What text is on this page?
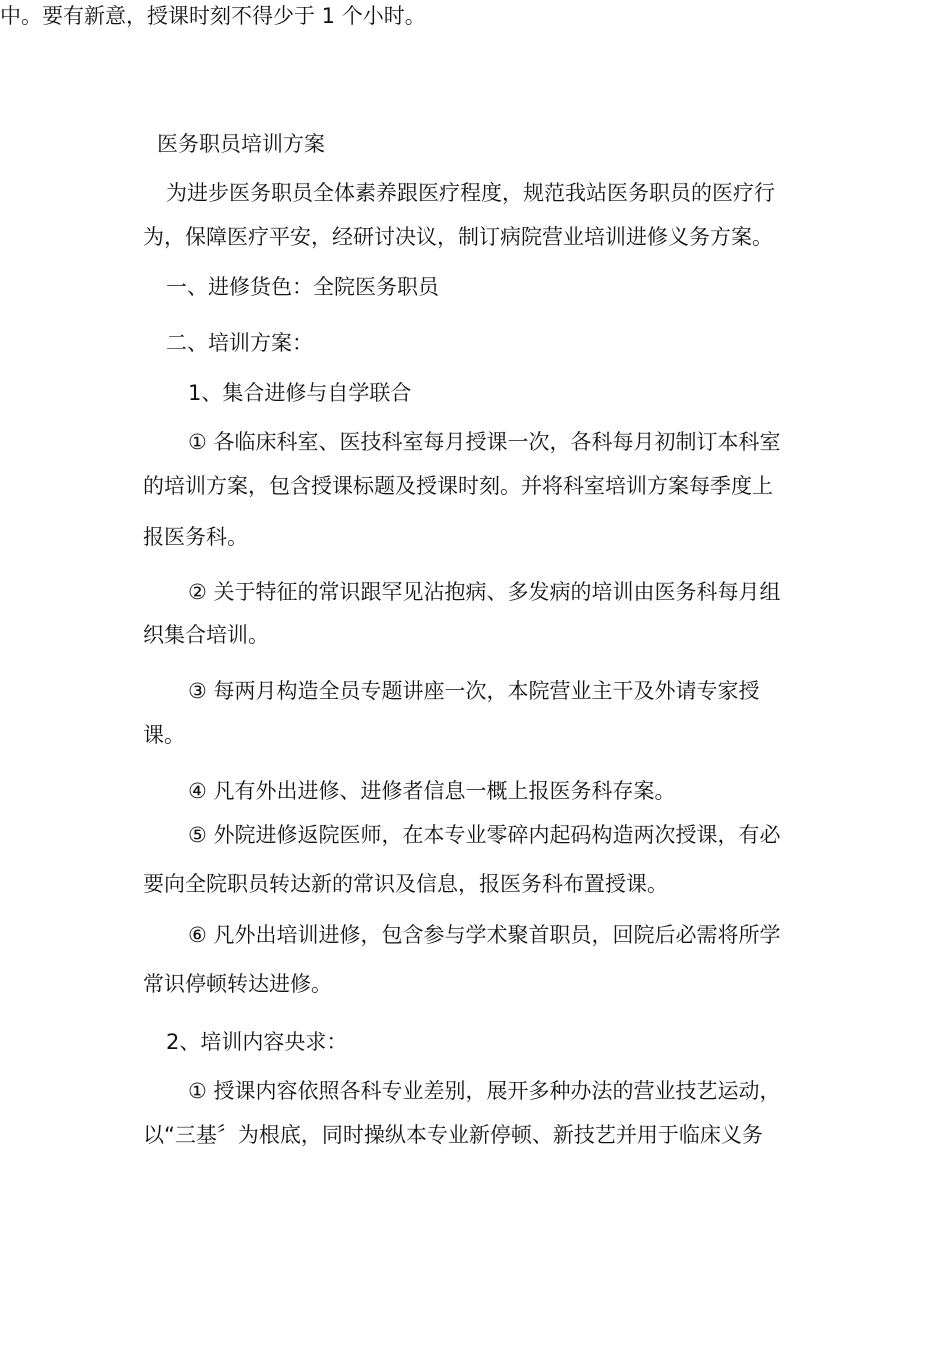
中。要有新意，授课时刻不得少于 1 个小时。
医务职员培训方案
为进步医务职员全体素养跟医疗程度，规范我站医务职员的医疗行
为，保障医疗平安，经研讨决议，制订病院营业培训进修义务方案。
一、进修货色：全院医务职员
二、培训方案：
1、集合进修与自学联合
① 各临床科室、医技科室每月授课一次，各科每月初制订本科室
的培训方案，包含授课标题及授课时刻。并将科室培训方案每季度上
报医务科。
② 关于特征的常识跟罕见沾抱病、多发病的培训由医务科每月组
织集合培训。
③ 每两月构造全员专题讲座一次，本院营业主干及外请专家授
课。
④ 凡有外出进修、进修者信息一概上报医务科存案。
⑤ 外院进修返院医师，在本专业零碎内起码构造两次授课，有必
要向全院职员转达新的常识及信息，报医务科布置授课。
⑥ 凡外出培训进修，包含参与学术聚首职员，回院后必需将所学
常识停顿转达进修。
2、培训内容央求：
① 授课内容依照各科专业差别，展开多种办法的营业技艺运动，
以“三基〞为根底，同时操纵本专业新停顿、新技艺并用于临床义务
